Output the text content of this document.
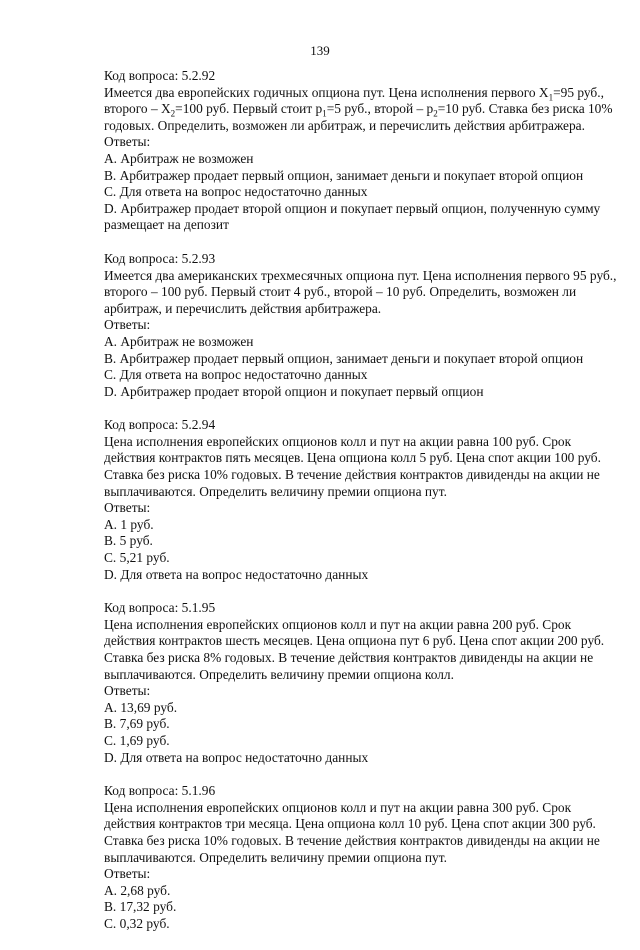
139
Код вопроса: 5.2.92
Имеется два европейских годичных опциона пут. Цена исполнения первого $X_1=95$ руб., второго – $X_2=100$ руб. Первый стоит $p_1=5$ руб., второй – $p_2=10$ руб. Ставка без риска 10% годовых. Определить, возможен ли арбитраж, и перечислить действия арбитражера.
Ответы:
A. Арбитраж не возможен
B. Арбитражер продает первый опцион, занимает деньги и покупает второй опцион
C. Для ответа на вопрос недостаточно данных
D. Арбитражер продает второй опцион и покупает первый опцион, полученную сумму размещает на депозит
Код вопроса: 5.2.93
Имеется два американских трехмесячных опциона пут. Цена исполнения первого 95 руб., второго – 100 руб. Первый стоит 4 руб., второй – 10 руб. Определить, возможен ли арбитраж, и перечислить действия арбитражера.
Ответы:
A. Арбитраж не возможен
B. Арбитражер продает первый опцион, занимает деньги и покупает второй опцион
C. Для ответа на вопрос недостаточно данных
D. Арбитражер продает второй опцион и покупает первый опцион
Код вопроса: 5.2.94
Цена исполнения европейских опционов колл и пут на акции равна 100 руб. Срок действия контрактов пять месяцев. Цена опциона колл 5 руб. Цена спот акции 100 руб. Ставка без риска 10% годовых. В течение действия контрактов дивиденды на акции не выплачиваются. Определить величину премии опциона пут.
Ответы:
A. 1 руб.
B. 5 руб.
C. 5,21 руб.
D. Для ответа на вопрос недостаточно данных
Код вопроса: 5.1.95
Цена исполнения европейских опционов колл и пут на акции равна 200 руб. Срок действия контрактов шесть месяцев. Цена опциона пут 6 руб. Цена спот акции 200 руб. Ставка без риска 8% годовых. В течение действия контрактов дивиденды на акции не выплачиваются. Определить величину премии опциона колл.
Ответы:
A. 13,69 руб.
B. 7,69 руб.
C. 1,69 руб.
D. Для ответа на вопрос недостаточно данных
Код вопроса: 5.1.96
Цена исполнения европейских опционов колл и пут на акции равна 300 руб. Срок действия контрактов три месяца. Цена опциона колл 10 руб. Цена спот акции 300 руб. Ставка без риска 10% годовых. В течение действия контрактов дивиденды на акции не выплачиваются. Определить величину премии опциона пут.
Ответы:
A. 2,68 руб.
B. 17,32 руб.
C. 0,32 руб.
